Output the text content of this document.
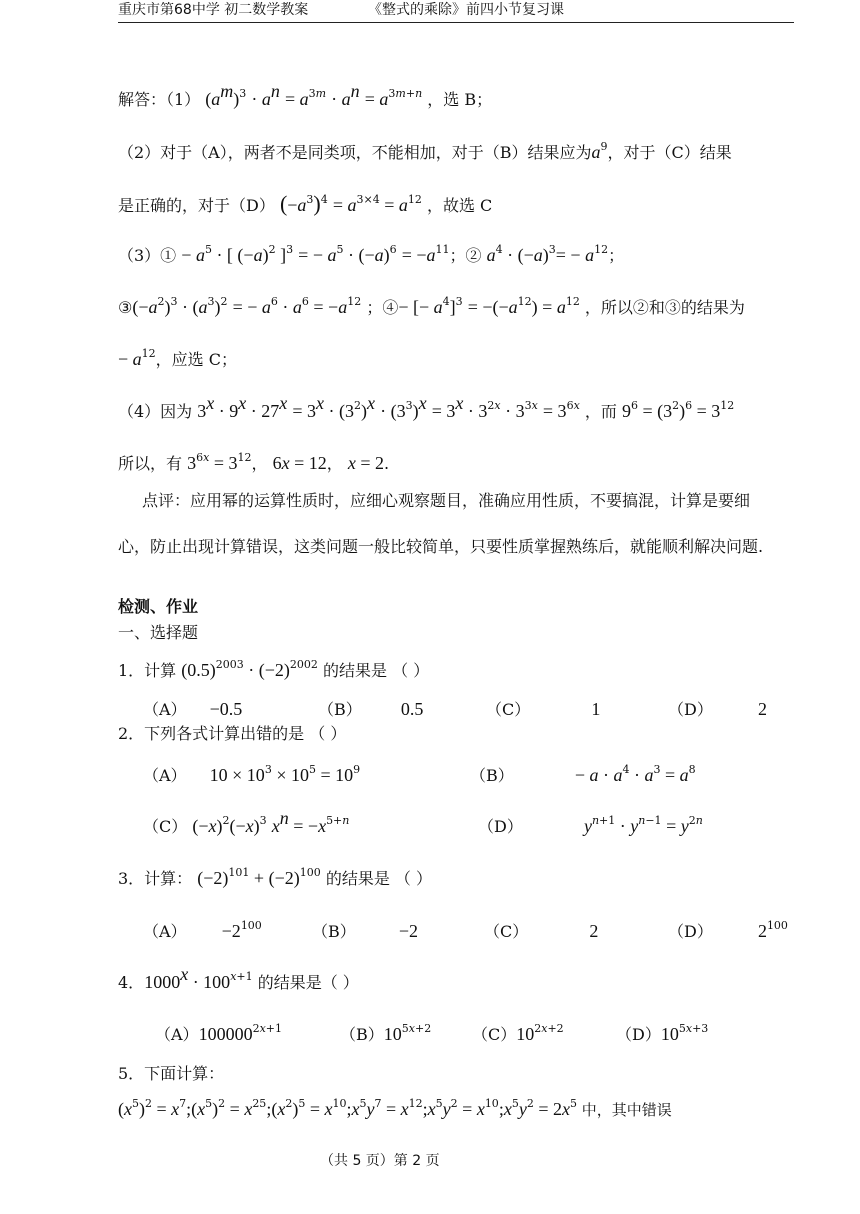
重庆市第68中学 初二数学教案	《整式的乘除》前四小节复习课
解答：（1） $(a^m)^3 \cdot a^n = a^{3m} \cdot a^n = a^{3m+n}$ ，选 B；
（2）对于（A），两者不是同类项，不能相加，对于（B）结果应为$a^9$，对于（C）结果
是正确的，对于（D） $(-a^3)^4 = a^{3\times 4} = a^{12}$ ，故选 C
（3）① − $a^5$ · [ $(-a)^2$ ]$^3$ = − $a^5 \cdot (-a)^6 = -a^{11}$；② $a^4 \cdot (-a)^3= - a^{12}$；
$③(-a^2)^3 \cdot (a^3)^2$ = − $a^6 \cdot a^6 = -a^{12}$ ；④− [− $a^4]^3 = -(-a^{12}) = a^{12}$ ，所以②和③的结果为
− $a^{12}$，应选 C；
（4）因为 $3^x \cdot 9^x \cdot 27^x = 3^x \cdot (3^2)^x \cdot (3^3)^x = 3^x \cdot 3^{2x} \cdot 3^{3x} = 3^{6x}$ ，而 $9^6 = (3^2)^6 = 3^{12}$
所以，有 $3^{6x} = 3^{12}$， 6x = 12， x = 2.
点评：应用幂的运算性质时，应细心观察题目，准确应用性质，不要搞混，计算是要细
心，防止出现计算错误，这类问题一般比较简单，只要性质掌握熟练后，就能顺利解决问题.
检测、作业
一、选择题
1．计算 $(0.5)^{2003} \cdot (-2)^{2002}$ 的结果是 （ ）
（A） −0.5	（B） 0.5	（C）	1	（D）	2
2．下列各式计算出错的是 （ ）
（A） $10 \times 10^3 \times 10^5 = 10^9$	（B）	− $a \cdot a^4 \cdot a^3 = a^8$
（C） $(-x)^2(-x)^3$ $x^n = -x^{5+n}$	（D）	$y^{n+1} \cdot y^{n-1} = y^{2n}$
3．计算： $(-2)^{101} + (-2)^{100}$ 的结果是 （ ）
$(A) -2^{100}$	（B） −2	（C）	2	（D）	$2^{100}$
4．$1000^x \cdot 100^{x+1}$ 的结果是（ ）
$(A)100000^{2x+1}$	$(B)10^{5x+2}$	$(C)10^{2x+2}$	$(D)10^{5x+3}$
5．下面计算：
$(x^5)^2$ = $x^7;(x^5)^2$ = $x^{25};(x^2)^5$ = $x^{10};x^5y^7$ = $x^{12};x^5y^2$ = $x^{10};x^5y^2 = 2x^5$ 中，其中错误
（共 5 页）第 2 页
